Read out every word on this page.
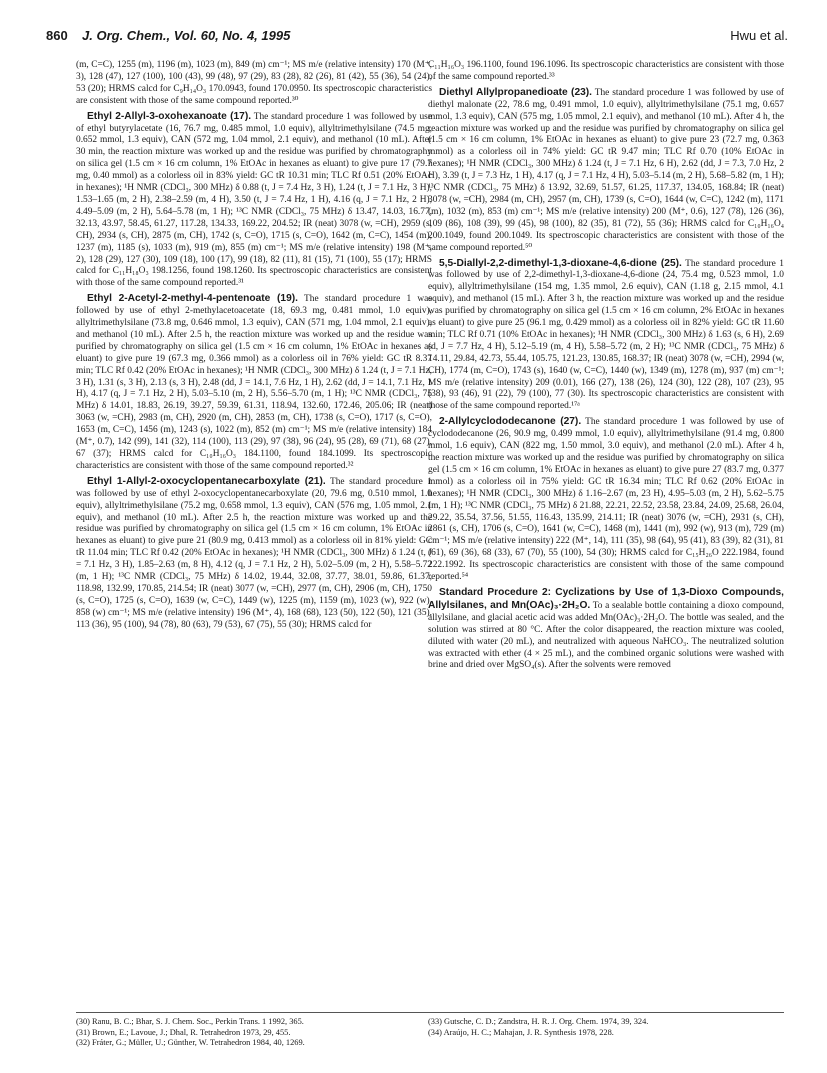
860 J. Org. Chem., Vol. 60, No. 4, 1995	Hwu et al.

(m, C=C), 1255 (m), 1196 (m), 1023 (m), 849 (m) cm⁻¹; MS m/e (relative intensity) 170 (M⁺, 3), 128 (47), 127 (100), 100 (43), 99 (48), 97 (29), 83 (28), 82 (26), 81 (42), 55 (36), 54 (24), 53 (20); HRMS calcd for C₉H₁₄O₃ 170.0943, found 170.0950. Its spectroscopic characteristics are consistent with those of the same compound reported.³⁰

Ethyl 2-Allyl-3-oxohexanoate (17). The standard procedure 1 was followed by use of ethyl butyrylacetate (16, 76.7 mg, 0.485 mmol, 1.0 equiv), allyltrimethylsilane (74.5 mg, 0.652 mmol, 1.3 equiv), CAN (572 mg, 1.04 mmol, 2.1 equiv), and methanol (10 mL). After 30 min, the reaction mixture was worked up and the residue was purified by chromatography on silica gel (1.5 cm × 16 cm column, 1% EtOAc in hexanes as eluant) to give pure 17 (79.7 mg, 0.40 mmol) as a colorless oil in 83% yield: GC tR 10.31 min; TLC Rf 0.51 (20% EtOAc in hexanes); ¹H NMR (CDCl₃, 300 MHz) δ 0.88 (t, J = 7.4 Hz, 3 H), 1.24 (t, J = 7.1 Hz, 3 H), 1.53–1.65 (m, 2 H), 2.38–2.59 (m, 4 H), 3.50 (t, J = 7.4 Hz, 1 H), 4.16 (q, J = 7.1 Hz, 2 H), 4.49–5.09 (m, 2 H), 5.64–5.78 (m, 1 H); ¹³C NMR (CDCl₃, 75 MHz) δ 13.47, 14.03, 16.77, 32.13, 43.97, 58.45, 61.27, 117.28, 134.33, 169.22, 204.52; IR (neat) 3078 (w, =CH), 2959 (s, CH), 2934 (s, CH), 2875 (m, CH), 1742 (s, C=O), 1715 (s, C=O), 1642 (m, C=C), 1454 (m), 1237 (m), 1185 (s), 1033 (m), 919 (m), 855 (m) cm⁻¹; MS m/e (relative intensity) 198 (M⁺, 2), 128 (29), 127 (30), 109 (18), 100 (17), 99 (18), 82 (11), 81 (15), 71 (100), 55 (17); HRMS calcd for C₁₁H₁₈O₃ 198.1256, found 198.1260. Its spectroscopic characteristics are consistent with those of the same compound reported.³¹

Ethyl 2-Acetyl-2-methyl-4-pentenoate (19). The standard procedure 1 was followed by use of ethyl 2-methylacetoacetate (18, 69.3 mg, 0.481 mmol, 1.0 equiv), allyltrimethylsilane (73.8 mg, 0.646 mmol, 1.3 equiv), CAN (571 mg, 1.04 mmol, 2.1 equiv), and methanol (10 mL). After 2.5 h, the reaction mixture was worked up and the residue was purified by chromatography on silica gel (1.5 cm × 16 cm column, 1% EtOAc in hexanes as eluant) to give pure 19 (67.3 mg, 0.366 mmol) as a colorless oil in 76% yield: GC tR 8.37 min; TLC Rf 0.42 (20% EtOAc in hexanes); ¹H NMR (CDCl₃, 300 MHz) δ 1.24 (t, J = 7.1 Hz, 3 H), 1.31 (s, 3 H), 2.13 (s, 3 H), 2.48 (dd, J = 14.1, 7.6 Hz, 1 H), 2.62 (dd, J = 14.1, 7.1 Hz, 1 H), 4.17 (q, J = 7.1 Hz, 2 H), 5.03–5.10 (m, 2 H), 5.56–5.70 (m, 1 H); ¹³C NMR (CDCl₃, 75 MHz) δ 14.01, 18.83, 26.19, 39.27, 59.39, 61.31, 118.94, 132.60, 172.46, 205.06; IR (neat) 3063 (w, =CH), 2983 (m, CH), 2920 (m, CH), 2853 (m, CH), 1738 (s, C=O), 1717 (s, C=O), 1653 (m, C=C), 1456 (m), 1243 (s), 1022 (m), 852 (m) cm⁻¹; MS m/e (relative intensity) 184 (M⁺, 0.7), 142 (99), 141 (32), 114 (100), 113 (29), 97 (38), 96 (24), 95 (28), 69 (71), 68 (27), 67 (37); HRMS calcd for C₁₀H₁₆O₃ 184.1100, found 184.1099. Its spectroscopic characteristics are consistent with those of the same compound reported.³²

Ethyl 1-Allyl-2-oxocyclopentanecarboxylate (21). The standard procedure 1 was followed by use of ethyl 2-oxocyclopentanecarboxylate (20, 79.6 mg, 0.510 mmol, 1.0 equiv), allyltrimethylsilane (75.2 mg, 0.658 mmol, 1.3 equiv), CAN (576 mg, 1.05 mmol, 2.1 equiv), and methanol (10 mL). After 2.5 h, the reaction mixture was worked up and the residue was purified by chromatography on silica gel (1.5 cm × 16 cm column, 1% EtOAc in hexanes as eluant) to give pure 21 (80.9 mg, 0.413 mmol) as a colorless oil in 81% yield: GC tR 11.04 min; TLC Rf 0.42 (20% EtOAc in hexanes); ¹H NMR (CDCl₃, 300 MHz) δ 1.24 (t, J = 7.1 Hz, 3 H), 1.85–2.63 (m, 8 H), 4.12 (q, J = 7.1 Hz, 2 H), 5.02–5.09 (m, 2 H), 5.58–5.72 (m, 1 H); ¹³C NMR (CDCl₃, 75 MHz) δ 14.02, 19.44, 32.08, 37.77, 38.01, 59.86, 61.37, 118.98, 132.99, 170.85, 214.54; IR (neat) 3077 (w, =CH), 2977 (m, CH), 2906 (m, CH), 1750 (s, C=O), 1725 (s, C=O), 1639 (w, C=C), 1449 (w), 1225 (m), 1159 (m), 1023 (w), 922 (w), 858 (w) cm⁻¹; MS m/e (relative intensity) 196 (M⁺, 4), 168 (68), 123 (50), 122 (50), 121 (35), 113 (36), 95 (100), 94 (78), 80 (63), 79 (53), 67 (75), 55 (30); HRMS calcd for

C₁₁H₁₆O₃ 196.1100, found 196.1096. Its spectroscopic characteristics are consistent with those of the same compound reported.³³

Diethyl Allylpropanedioate (23). The standard procedure 1 was followed by use of diethyl malonate (22, 78.6 mg, 0.491 mmol, 1.0 equiv), allyltrimethylsilane (75.1 mg, 0.657 mmol, 1.3 equiv), CAN (575 mg, 1.05 mmol, 2.1 equiv), and methanol (10 mL). After 4 h, the reaction mixture was worked up and the residue was purified by chromatography on silica gel (1.5 cm × 16 cm column, 1% EtOAc in hexanes as eluant) to give pure 23 (72.7 mg, 0.363 mmol) as a colorless oil in 74% yield: GC tR 9.47 min; TLC Rf 0.70 (10% EtOAc in hexanes); ¹H NMR (CDCl₃, 300 MHz) δ 1.24 (t, J = 7.1 Hz, 6 H), 2.62 (dd, J = 7.3, 7.0 Hz, 2 H), 3.39 (t, J = 7.3 Hz, 1 H), 4.17 (q, J = 7.1 Hz, 4 H), 5.03–5.14 (m, 2 H), 5.68–5.82 (m, 1 H); ¹³C NMR (CDCl₃, 75 MHz) δ 13.92, 32.69, 51.57, 61.25, 117.37, 134.05, 168.84; IR (neat) 3078 (w, =CH), 2984 (m, CH), 2957 (m, CH), 1739 (s, C=O), 1644 (w, C=C), 1242 (m), 1171 (m), 1032 (m), 853 (m) cm⁻¹; MS m/e (relative intensity) 200 (M⁺, 0.6), 127 (78), 126 (36), 109 (86), 108 (39), 99 (45), 98 (100), 82 (35), 81 (72), 55 (36); HRMS calcd for C₁₀H₁₆O₄ 200.1049, found 200.1049. Its spectroscopic characteristics are consistent with those of the same compound reported.⁵⁰

5,5-Diallyl-2,2-dimethyl-1,3-dioxane-4,6-dione (25). The standard procedure 1 was followed by use of 2,2-dimethyl-1,3-dioxane-4,6-dione (24, 75.4 mg, 0.523 mmol, 1.0 equiv), allyltrimethylsilane (154 mg, 1.35 mmol, 2.6 equiv), CAN (1.18 g, 2.15 mmol, 4.1 equiv), and methanol (15 mL). After 3 h, the reaction mixture was worked up and the residue was purified by chromatography on silica gel (1.5 cm × 16 cm column, 2% EtOAc in hexanes as eluant) to give pure 25 (96.1 mg, 0.429 mmol) as a colorless oil in 82% yield: GC tR 11.60 min; TLC Rf 0.71 (10% EtOAc in hexanes); ¹H NMR (CDCl₃, 300 MHz) δ 1.63 (s, 6 H), 2.69 (d, J = 7.7 Hz, 4 H), 5.12–5.19 (m, 4 H), 5.58–5.72 (m, 2 H); ¹³C NMR (CDCl₃, 75 MHz) δ 14.11, 29.84, 42.73, 55.44, 105.75, 121.23, 130.85, 168.37; IR (neat) 3078 (w, =CH), 2994 (w, CH), 1774 (m, C=O), 1743 (s), 1640 (w, C=C), 1440 (w), 1349 (m), 1278 (m), 937 (m) cm⁻¹; MS m/e (relative intensity) 209 (0.01), 166 (27), 138 (26), 124 (30), 122 (28), 107 (23), 95 (38), 93 (46), 91 (22), 79 (100), 77 (30). Its spectroscopic characteristics are consistent with those of the same compound reported.¹⁷ᵃ

2-Allylcyclododecanone (27). The standard procedure 1 was followed by use of cyclododecanone (26, 90.9 mg, 0.499 mmol, 1.0 equiv), allyltrimethylsilane (91.4 mg, 0.800 mmol, 1.6 equiv), CAN (822 mg, 1.50 mmol, 3.0 equiv), and methanol (2.0 mL). After 4 h, the reaction mixture was worked up and the residue was purified by chromatography on silica gel (1.5 cm × 16 cm column, 1% EtOAc in hexanes as eluant) to give pure 27 (83.7 mg, 0.377 mmol) as a colorless oil in 75% yield: GC tR 16.34 min; TLC Rf 0.62 (20% EtOAc in hexanes); ¹H NMR (CDCl₃, 300 MHz) δ 1.16–2.67 (m, 23 H), 4.95–5.03 (m, 2 H), 5.62–5.75 (m, 1 H); ¹³C NMR (CDCl₃, 75 MHz) δ 21.88, 22.21, 22.52, 23.58, 23.84, 24.09, 25.68, 26.04, 29.22, 35.54, 37.56, 51.55, 116.43, 135.99, 214.11; IR (neat) 3076 (w, =CH), 2931 (s, CH), 2861 (s, CH), 1706 (s, C=O), 1641 (w, C=C), 1468 (m), 1441 (m), 992 (w), 913 (m), 729 (m) cm⁻¹; MS m/e (relative intensity) 222 (M⁺, 14), 111 (35), 98 (64), 95 (41), 83 (39), 82 (31), 81 (61), 69 (36), 68 (33), 67 (70), 55 (100), 54 (30); HRMS calcd for C₁₅H₂₆O 222.1984, found 222.1992. Its spectroscopic characteristics are consistent with those of the same compound reported.⁵⁴

Standard Procedure 2: Cyclizations by Use of 1,3-Dioxo Compounds, Allylsilanes, and Mn(OAc)₃·2H₂O. To a sealable bottle containing a dioxo compound, allylsilane, and glacial acetic acid was added Mn(OAc)₃·2H₂O. The bottle was sealed, and the solution was stirred at 80 °C. After the color disappeared, the reaction mixture was cooled, diluted with water (20 mL), and neutralized with aqueous NaHCO₃. The neutralized solution was extracted with ether (4 × 25 mL), and the combined organic solutions were washed with brine and dried over MgSO₄(s). After the solvents were removed

(30) Ranu, B. C.; Bhar, S. J. Chem. Soc., Perkin Trans. 1 1992, 365.
(31) Brown, E.; Lavoue, J.; Dhal, R. Tetrahedron 1973, 29, 455.
(32) Fráter, G.; Müller, U.; Günther, W. Tetrahedron 1984, 40, 1269.
(33) Gutsche, C. D.; Zandstra, H. R. J. Org. Chem. 1974, 39, 324.
(34) Araújo, H. C.; Mahajan, J. R. Synthesis 1978, 228.
